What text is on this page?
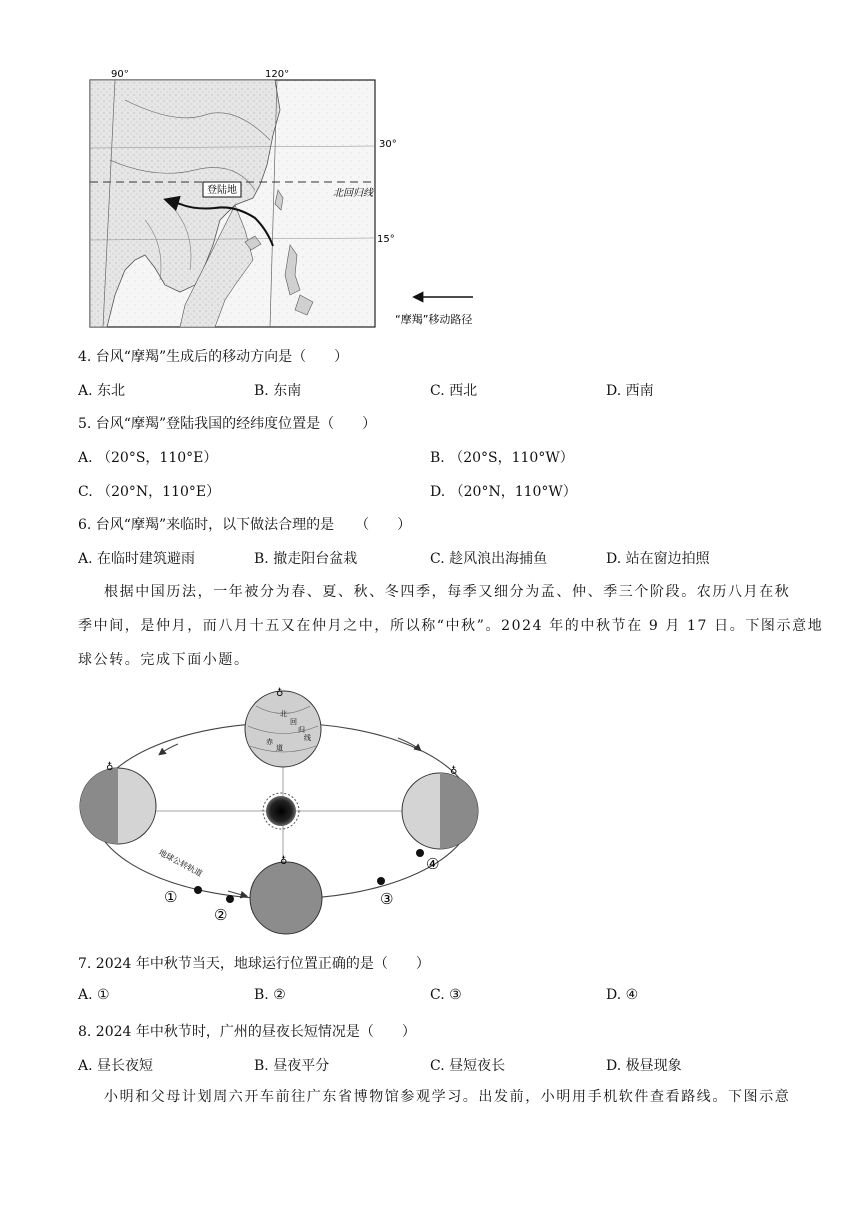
90°	120°
30°
15°
北回归线
登陆地
“摩羯”移动路径
4. 台风“摩羯”生成后的移动方向是（　　）
A. 东北	B. 东南	C. 西北	D. 西南
5. 台风“摩羯”登陆我国的经纬度位置是（　　）
A. （20°S，110°E）	B. （20°S，110°W）
C. （20°N，110°E）	D. （20°N，110°W）
6. 台风“摩羯”来临时，以下做法合理的是　　（　　）
A. 在临时建筑避雨	B. 撤走阳台盆栽	C. 趁风浪出海捕鱼	D. 站在窗边拍照
根据中国历法，一年被分为春、夏、秋、冬四季，每季又细分为孟、仲、季三个阶段。农历八月在秋
季中间，是仲月，而八月十五又在仲月之中，所以称“中秋”。2024 年的中秋节在 9 月 17 日。下图示意地
球公转。完成下面小题。
北
回
归
线
赤
道
♁
♁	♁
♁
①
②
③
④
地球公转轨道
7. 2024 年中秋节当天，地球运行位置正确的是（　　）
A. ①	B. ②	C. ③	D. ④
8. 2024 年中秋节时，广州的昼夜长短情况是（　　）
A. 昼长夜短	B. 昼夜平分	C. 昼短夜长	D. 极昼现象
小明和父母计划周六开车前往广东省博物馆参观学习。出发前，小明用手机软件查看路线。下图示意
